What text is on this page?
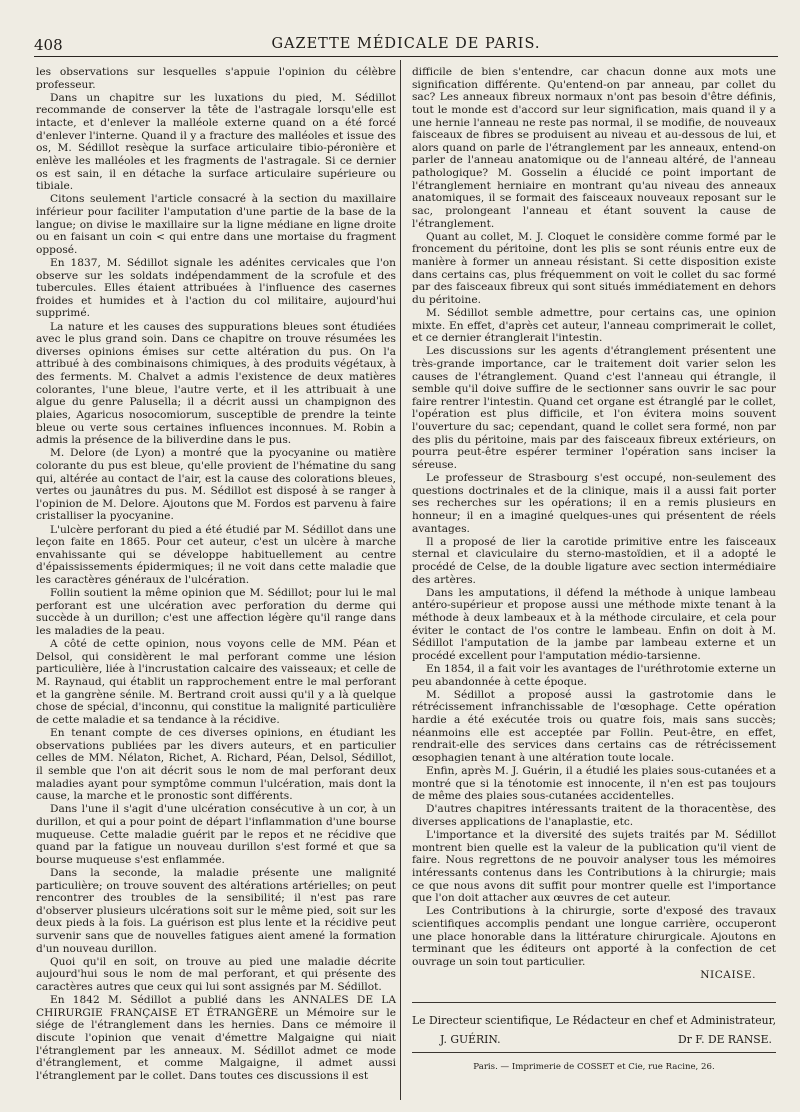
408	GAZETTE MÉDICALE DE PARIS.

les observations sur lesquelles s'appuie l'opinion du célèbre professeur.

Dans un chapitre sur les luxations du pied, M. Sédillot recommande de conserver la tête de l'astragale lorsqu'elle est intacte, et d'enlever la malléole externe quand on a été forcé d'enlever l'interne. Quand il y a fracture des malléoles et issue des os, M. Sédillot resèque la surface articulaire tibio-péronière et enlève les malléoles et les fragments de l'astragale. Si ce dernier os est sain, il en détache la surface articulaire supérieure ou tibiale.

Citons seulement l'article consacré à la section du maxillaire inférieur pour faciliter l'amputation d'une partie de la base de la langue; on divise le maxillaire sur la ligne médiane en ligne droite ou en faisant un coin < qui entre dans une mortaise du fragment opposé.

En 1837, M. Sédillot signale les adénites cervicales que l'on observe sur les soldats indépendamment de la scrofule et des tubercules. Elles étaient attribuées à l'influence des casernes froides et humides et à l'action du col militaire, aujourd'hui supprimé.

La nature et les causes des suppurations bleues sont étudiées avec le plus grand soin. Dans ce chapitre on trouve résumées les diverses opinions émises sur cette altération du pus. On l'a attribué à des combinaisons chimiques, à des produits végétaux, à des ferments. M. Chalvet a admis l'existence de deux matières colorantes, l'une bleue, l'autre verte, et il les attribuait à une algue du genre Palusella; il a décrit aussi un champignon des plaies, Agaricus nosocomiorum, susceptible de prendre la teinte bleue ou verte sous certaines influences inconnues. M. Robin a admis la présence de la biliverdine dans le pus.

M. Delore (de Lyon) a montré que la pyocyanine ou matière colorante du pus est bleue, qu'elle provient de l'hématine du sang qui, altérée au contact de l'air, est la cause des colorations bleues, vertes ou jaunâtres du pus. M. Sédillot est disposé à se ranger à l'opinion de M. Delore. Ajoutons que M. Fordos est parvenu à faire cristalliser la pyocyanine.

L'ulcère perforant du pied a été étudié par M. Sédillot dans une leçon faite en 1865. Pour cet auteur, c'est un ulcère à marche envahissante qui se développe habituellement au centre d'épaississements épidermiques; il ne voit dans cette maladie que les caractères généraux de l'ulcération.

Follin soutient la même opinion que M. Sédillot; pour lui le mal perforant est une ulcération avec perforation du derme qui succède à un durillon; c'est une affection légère qu'il range dans les maladies de la peau.

A côté de cette opinion, nous voyons celle de MM. Péan et Delsol, qui considèrent le mal perforant comme une lésion particulière, liée à l'incrustation calcaire des vaisseaux; et celle de M. Raynaud, qui établit un rapprochement entre le mal perforant et la gangrène sénile. M. Bertrand croit aussi qu'il y a là quelque chose de spécial, d'inconnu, qui constitue la malignité particulière de cette maladie et sa tendance à la récidive.

En tenant compte de ces diverses opinions, en étudiant les observations publiées par les divers auteurs, et en particulier celles de MM. Nélaton, Richet, A. Richard, Péan, Delsol, Sédillot, il semble que l'on ait décrit sous le nom de mal perforant deux maladies ayant pour symptôme commun l'ulcération, mais dont la cause, la marche et le pronostic sont différents.

Dans l'une il s'agit d'une ulcération consécutive à un cor, à un durillon, et qui a pour point de départ l'inflammation d'une bourse muqueuse. Cette maladie guérit par le repos et ne récidive que quand par la fatigue un nouveau durillon s'est formé et que sa bourse muqueuse s'est enflammée.

Dans la seconde, la maladie présente une malignité particulière; on trouve souvent des altérations artérielles; on peut rencontrer des troubles de la sensibilité; il n'est pas rare d'observer plusieurs ulcérations soit sur le même pied, soit sur les deux pieds à la fois. La guérison est plus lente et la récidive peut survenir sans que de nouvelles fatigues aient amené la formation d'un nouveau durillon.

Quoi qu'il en soit, on trouve au pied une maladie décrite aujourd'hui sous le nom de mal perforant, et qui présente des caractères autres que ceux qui lui sont assignés par M. Sédillot.

En 1842 M. Sédillot a publié dans les ANNALES DE LA CHIRURGIE FRANÇAISE ET ÉTRANGÈRE un Mémoire sur le siége de l'étranglement dans les hernies. Dans ce mémoire il discute l'opinion que venait d'émettre Malgaigne qui niait l'étranglement par les anneaux. M. Sédillot admet ce mode d'étranglement, et comme Malgaigne, il admet aussi l'étranglement par le collet. Dans toutes ces discussions il est

difficile de bien s'entendre, car chacun donne aux mots une signification différente. Qu'entend-on par anneau, par collet du sac? Les anneaux fibreux normaux n'ont pas besoin d'être définis, tout le monde est d'accord sur leur signification, mais quand il y a une hernie l'anneau ne reste pas normal, il se modifie, de nouveaux faisceaux de fibres se produisent au niveau et au-dessous de lui, et alors quand on parle de l'étranglement par les anneaux, entend-on parler de l'anneau anatomique ou de l'anneau altéré, de l'anneau pathologique? M. Gosselin a élucidé ce point important de l'étranglement herniaire en montrant qu'au niveau des anneaux anatomiques, il se formait des faisceaux nouveaux reposant sur le sac, prolongeant l'anneau et étant souvent la cause de l'étranglement.

Quant au collet, M. J. Cloquet le considère comme formé par le froncement du péritoine, dont les plis se sont réunis entre eux de manière à former un anneau résistant. Si cette disposition existe dans certains cas, plus fréquemment on voit le collet du sac formé par des faisceaux fibreux qui sont situés immédiatement en dehors du péritoine.

M. Sédillot semble admettre, pour certains cas, une opinion mixte. En effet, d'après cet auteur, l'anneau comprimerait le collet, et ce dernier étranglerait l'intestin.

Les discussions sur les agents d'étranglement présentent une très-grande importance, car le traitement doit varier selon les causes de l'étranglement. Quand c'est l'anneau qui étrangle, il semble qu'il doive suffire de le sectionner sans ouvrir le sac pour faire rentrer l'intestin. Quand cet organe est étranglé par le collet, l'opération est plus difficile, et l'on évitera moins souvent l'ouverture du sac; cependant, quand le collet sera formé, non par des plis du péritoine, mais par des faisceaux fibreux extérieurs, on pourra peut-être espérer terminer l'opération sans inciser la séreuse.

Le professeur de Strasbourg s'est occupé, non-seulement des questions doctrinales et de la clinique, mais il a aussi fait porter ses recherches sur les opérations; il en a remis plusieurs en honneur; il en a imaginé quelques-unes qui présentent de réels avantages.

Il a proposé de lier la carotide primitive entre les faisceaux sternal et claviculaire du sterno-mastoïdien, et il a adopté le procédé de Celse, de la double ligature avec section intermédiaire des artères.

Dans les amputations, il défend la méthode à unique lambeau antéro-supérieur et propose aussi une méthode mixte tenant à la méthode à deux lambeaux et à la méthode circulaire, et cela pour éviter le contact de l'os contre le lambeau. Enfin on doit à M. Sédillot l'amputation de la jambe par lambeau externe et un procédé excellent pour l'amputation médio-tarsienne.

En 1854, il a fait voir les avantages de l'uréthrotomie externe un peu abandonnée à cette époque.

M. Sédillot a proposé aussi la gastrotomie dans le rétrécissement infranchissable de l'œsophage. Cette opération hardie a été exécutée trois ou quatre fois, mais sans succès; néanmoins elle est acceptée par Follin. Peut-être, en effet, rendrait-elle des services dans certains cas de rétrécissement œsophagien tenant à une altération toute locale.

Enfin, après M. J. Guérin, il a étudié les plaies sous-cutanées et a montré que si la ténotomie est innocente, il n'en est pas toujours de même des plaies sous-cutanées accidentelles.

D'autres chapitres intéressants traitent de la thoracentèse, des diverses applications de l'anaplastie, etc.

L'importance et la diversité des sujets traités par M. Sédillot montrent bien quelle est la valeur de la publication qu'il vient de faire. Nous regrettons de ne pouvoir analyser tous les mémoires intéressants contenus dans les Contributions à la chirurgie; mais ce que nous avons dit suffit pour montrer quelle est l'importance que l'on doit attacher aux œuvres de cet auteur.

Les Contributions à la chirurgie, sorte d'exposé des travaux scientifiques accomplis pendant une longue carrière, occuperont une place honorable dans la littérature chirurgicale. Ajoutons en terminant que les éditeurs ont apporté à la confection de cet ouvrage un soin tout particulier.

NICAISE.

Le Directeur scientifique, Le Rédacteur en chef et Administrateur,
J. GUÉRIN.	Dr F. DE RANSE.
Paris. — Imprimerie de COSSET et Cie, rue Racine, 26.
